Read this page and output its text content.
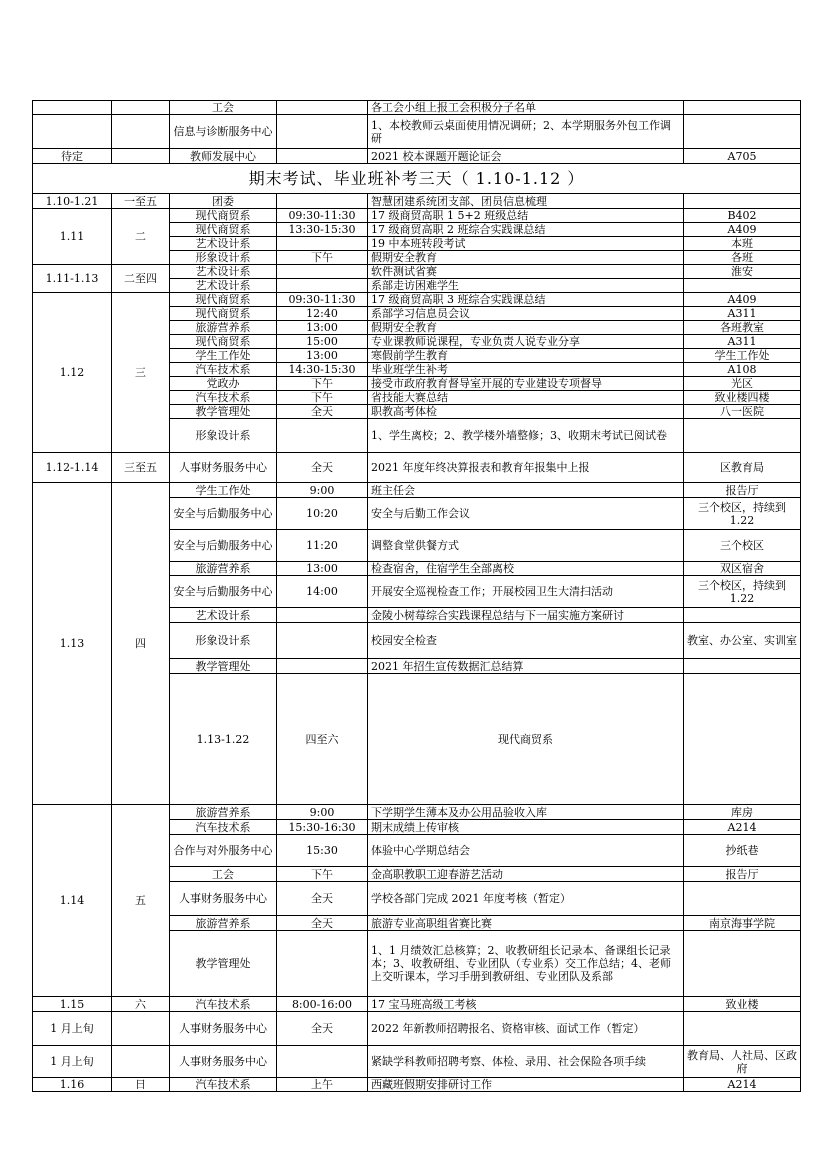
		工会		各工会小组上报工会积极分子名单		
		信息与诊断服务中心		1、本校教师云桌面使用情况调研；2、本学期服务外包工作调研		
待定		教师发展中心		2021 校本课题开题论证会	A705	
期末考试、毕业班补考三天（ 1.10-1.12 ）						
1.10-1.21	一至五	团委		智慧团建系统团支部、团员信息梳理		
1.11	二	现代商贸系	09:30-11:30	17 级商贸高职 1 5+2 班级总结	B402	
		现代商贸系	13:30-15:30	17 级商贸高职 2 班综合实践课总结	A409	
		艺术设计系		19 中本班转段考试	本班	
		形象设计系	下午	假期安全教育	各班	
1.11-1.13	二至四	艺术设计系		软件测试省赛	淮安	
		艺术设计系		系部走访困难学生		
1.12	三	现代商贸系	09:30-11:30	17 级商贸高职 3 班综合实践课总结	A409	
		现代商贸系	12:40	系部学习信息员会议	A311	
		旅游营养系	13:00	假期安全教育	各班教室	
		现代商贸系	15:00	专业课教师说课程，专业负责人说专业分享	A311	
		学生工作处	13:00	寒假前学生教育	学生工作处	
		汽车技术系	14:30-15:30	毕业班学生补考	A108	
		党政办	下午	接受市政府教育督导室开展的专业建设专项督导	光区	
		汽车技术系	下午	省技能大赛总结	致业楼四楼	
		教学管理处	全天	职教高考体检	八一医院	
		形象设计系		1、学生离校；2、教学楼外墙整修；3、收期末考试已阅试卷		
1.12-1.14	三至五	人事财务服务中心	全天	2021 年度年终决算报表和教育年报集中上报	区教育局	
1.13	四	学生工作处	9:00	班主任会	报告厅	
		安全与后勤服务中心	10:20	安全与后勤工作会议	三个校区，持续到 1.22	
		安全与后勤服务中心	11:20	调整食堂供餐方式	三个校区	
		旅游营养系	13:00	检查宿舍，住宿学生全部离校	双区宿舍	
		安全与后勤服务中心	14:00	开展安全巡视检查工作；开展校园卫生大清扫活动	三个校区，持续到 1.22	
		艺术设计系		金陵小树莓综合实践课程总结与下一届实施方案研讨		
		形象设计系		校园安全检查	教室、办公室、实训室	
		教学管理处		2021 年招生宣传数据汇总结算		
		1.13-1.22	四至六	现代商贸系			
1.14	五	旅游营养系	9:00	下学期学生薄本及办公用品验收入库	库房	
		汽车技术系	15:30-16:30	期末成绩上传审核	A214	
		合作与对外服务中心	15:30	体验中心学期总结会	抄纸巷	
		工会	下午	金高职教职工迎春游艺活动	报告厅	
		人事财务服务中心	全天	学校各部门完成 2021 年度考核（暂定）		
		旅游营养系	全天	旅游专业高职组省赛比赛	南京海事学院	
		教学管理处		1、1 月绩效汇总核算；2、收教研组长记录本、备课组长记录本；3、收教研组、专业团队（专业系）交工作总结；4、老师上交听课本，学习手册到教研组、专业团队及系部		
1.15	六	汽车技术系	8:00-16:00	17 宝马班高级工考核	致业楼	
1 月上旬		人事财务服务中心	全天	2022 年新教师招聘报名、资格审核、面试工作（暂定）		
1 月上旬		人事财务服务中心		紧缺学科教师招聘考察、体检、录用、社会保险各项手续	教育局、人社局、区政府	
1.16	日	汽车技术系	上午	西藏班假期安排研讨工作	A214	
